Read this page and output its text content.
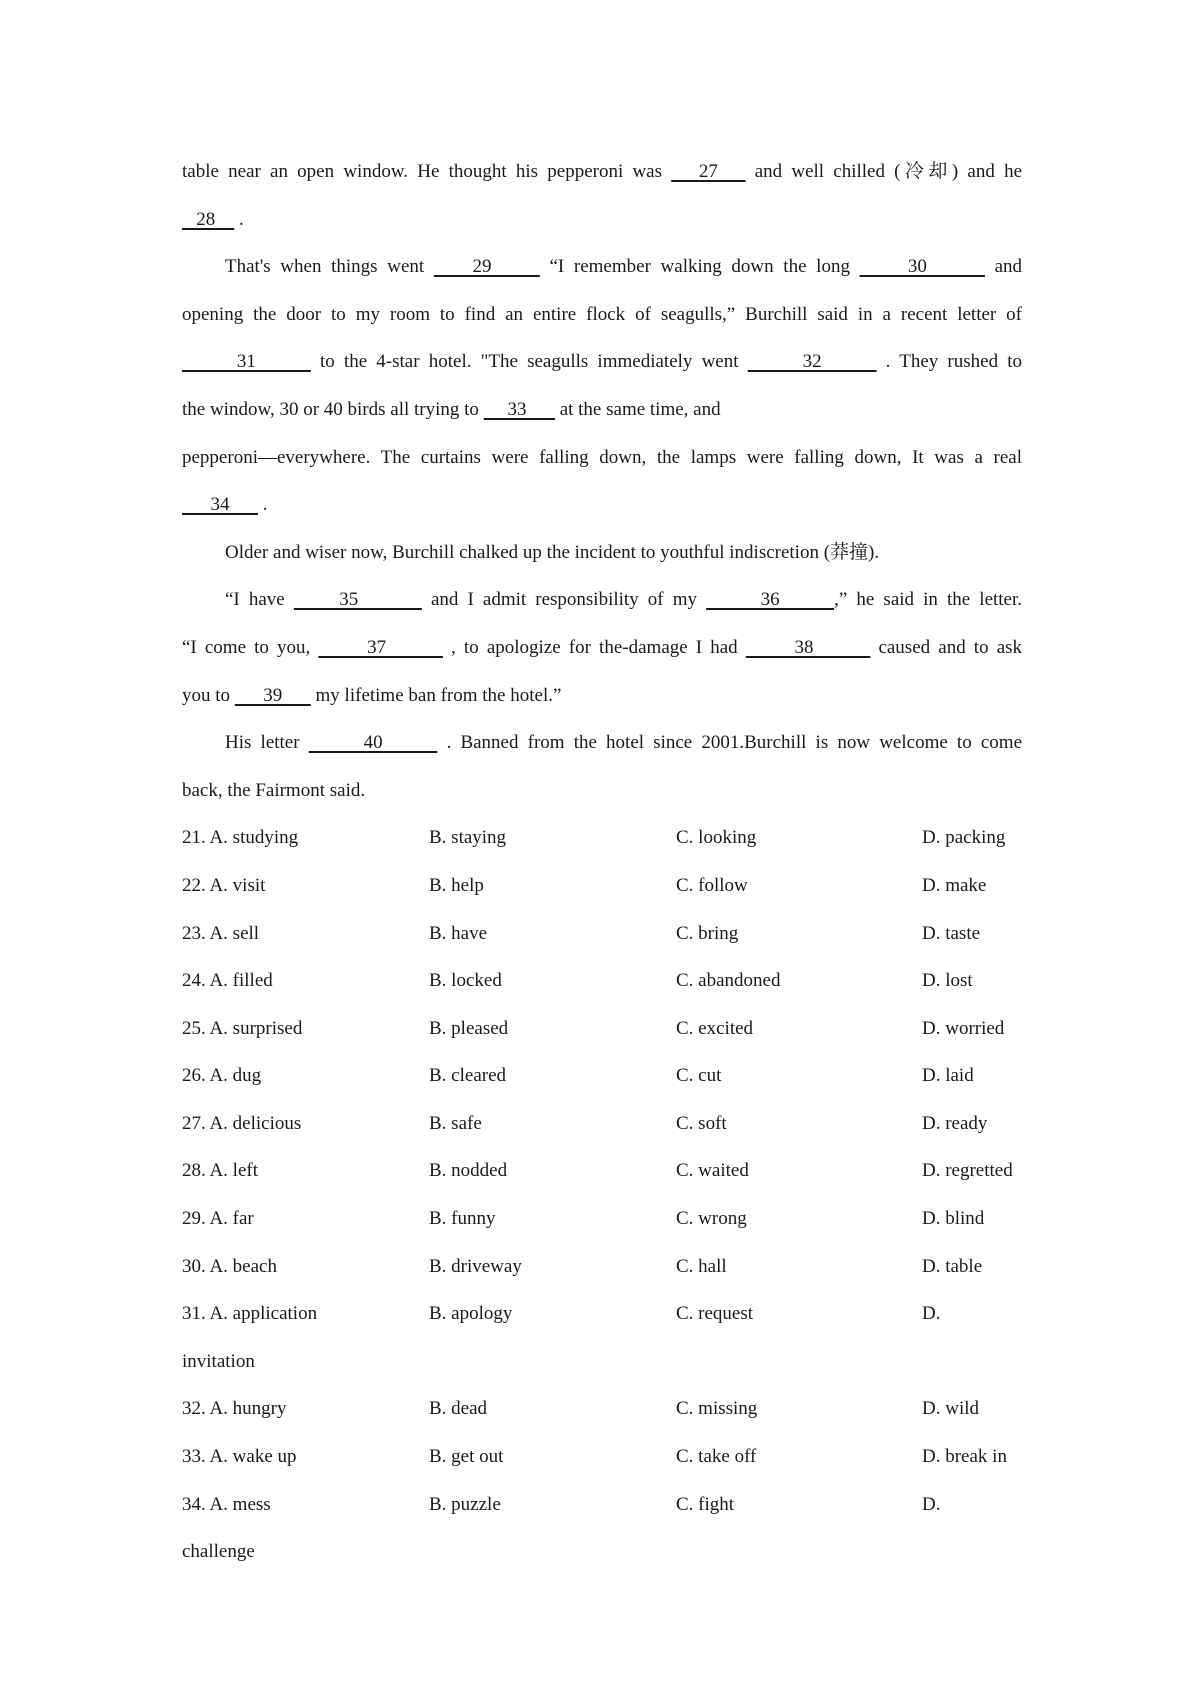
table near an open window. He thought his pepperoni was    27    and well chilled (冷却) and he
28     .
That's when things went     29      “I remember walking down the long      30       and
opening the door to my room to find an entire flock of seagulls,” Burchill said in a recent letter of
31       to the 4-star hotel. "The seagulls immediately went       32       . They rushed to
the window, 30 or 40 birds all trying to      33       at the same time, and
pepperoni—everywhere. The curtains were falling down, the lamps were falling down, It was a real
34       .
Older and wiser now, Burchill chalked up the incident to youthful indiscretion (莽撞).
“I have      35        and I admit responsibility of my       36      ,” he said in the letter.
“I come to you,       37        , to apologize for the-damage I had       38        caused and to ask
you to       39       my lifetime ban from the hotel.”
His letter       40       . Banned from the hotel since 2001.Burchill is now welcome to come
back, the Fairmont said.
21. A. studying	B. staying	C. looking	D. packing
22. A. visit	B. help	C. follow	D. make
23. A. sell	B. have	C. bring	D. taste
24. A. filled	B. locked	C. abandoned	D. lost
25. A. surprised	B. pleased	C. excited	D. worried
26. A. dug	B. cleared	C. cut	D. laid
27. A. delicious	B. safe	C. soft	D. ready
28. A. left	B. nodded	C. waited	D. regretted
29. A. far	B. funny	C. wrong	D. blind
30. A. beach	B. driveway	C. hall	D. table
31. A. application	B. apology	C. request	D.
invitation
32. A. hungry	B. dead	C. missing	D. wild
33. A. wake up	B. get out	C. take off	D. break in
34. A. mess	B. puzzle	C. fight	D.
challenge
